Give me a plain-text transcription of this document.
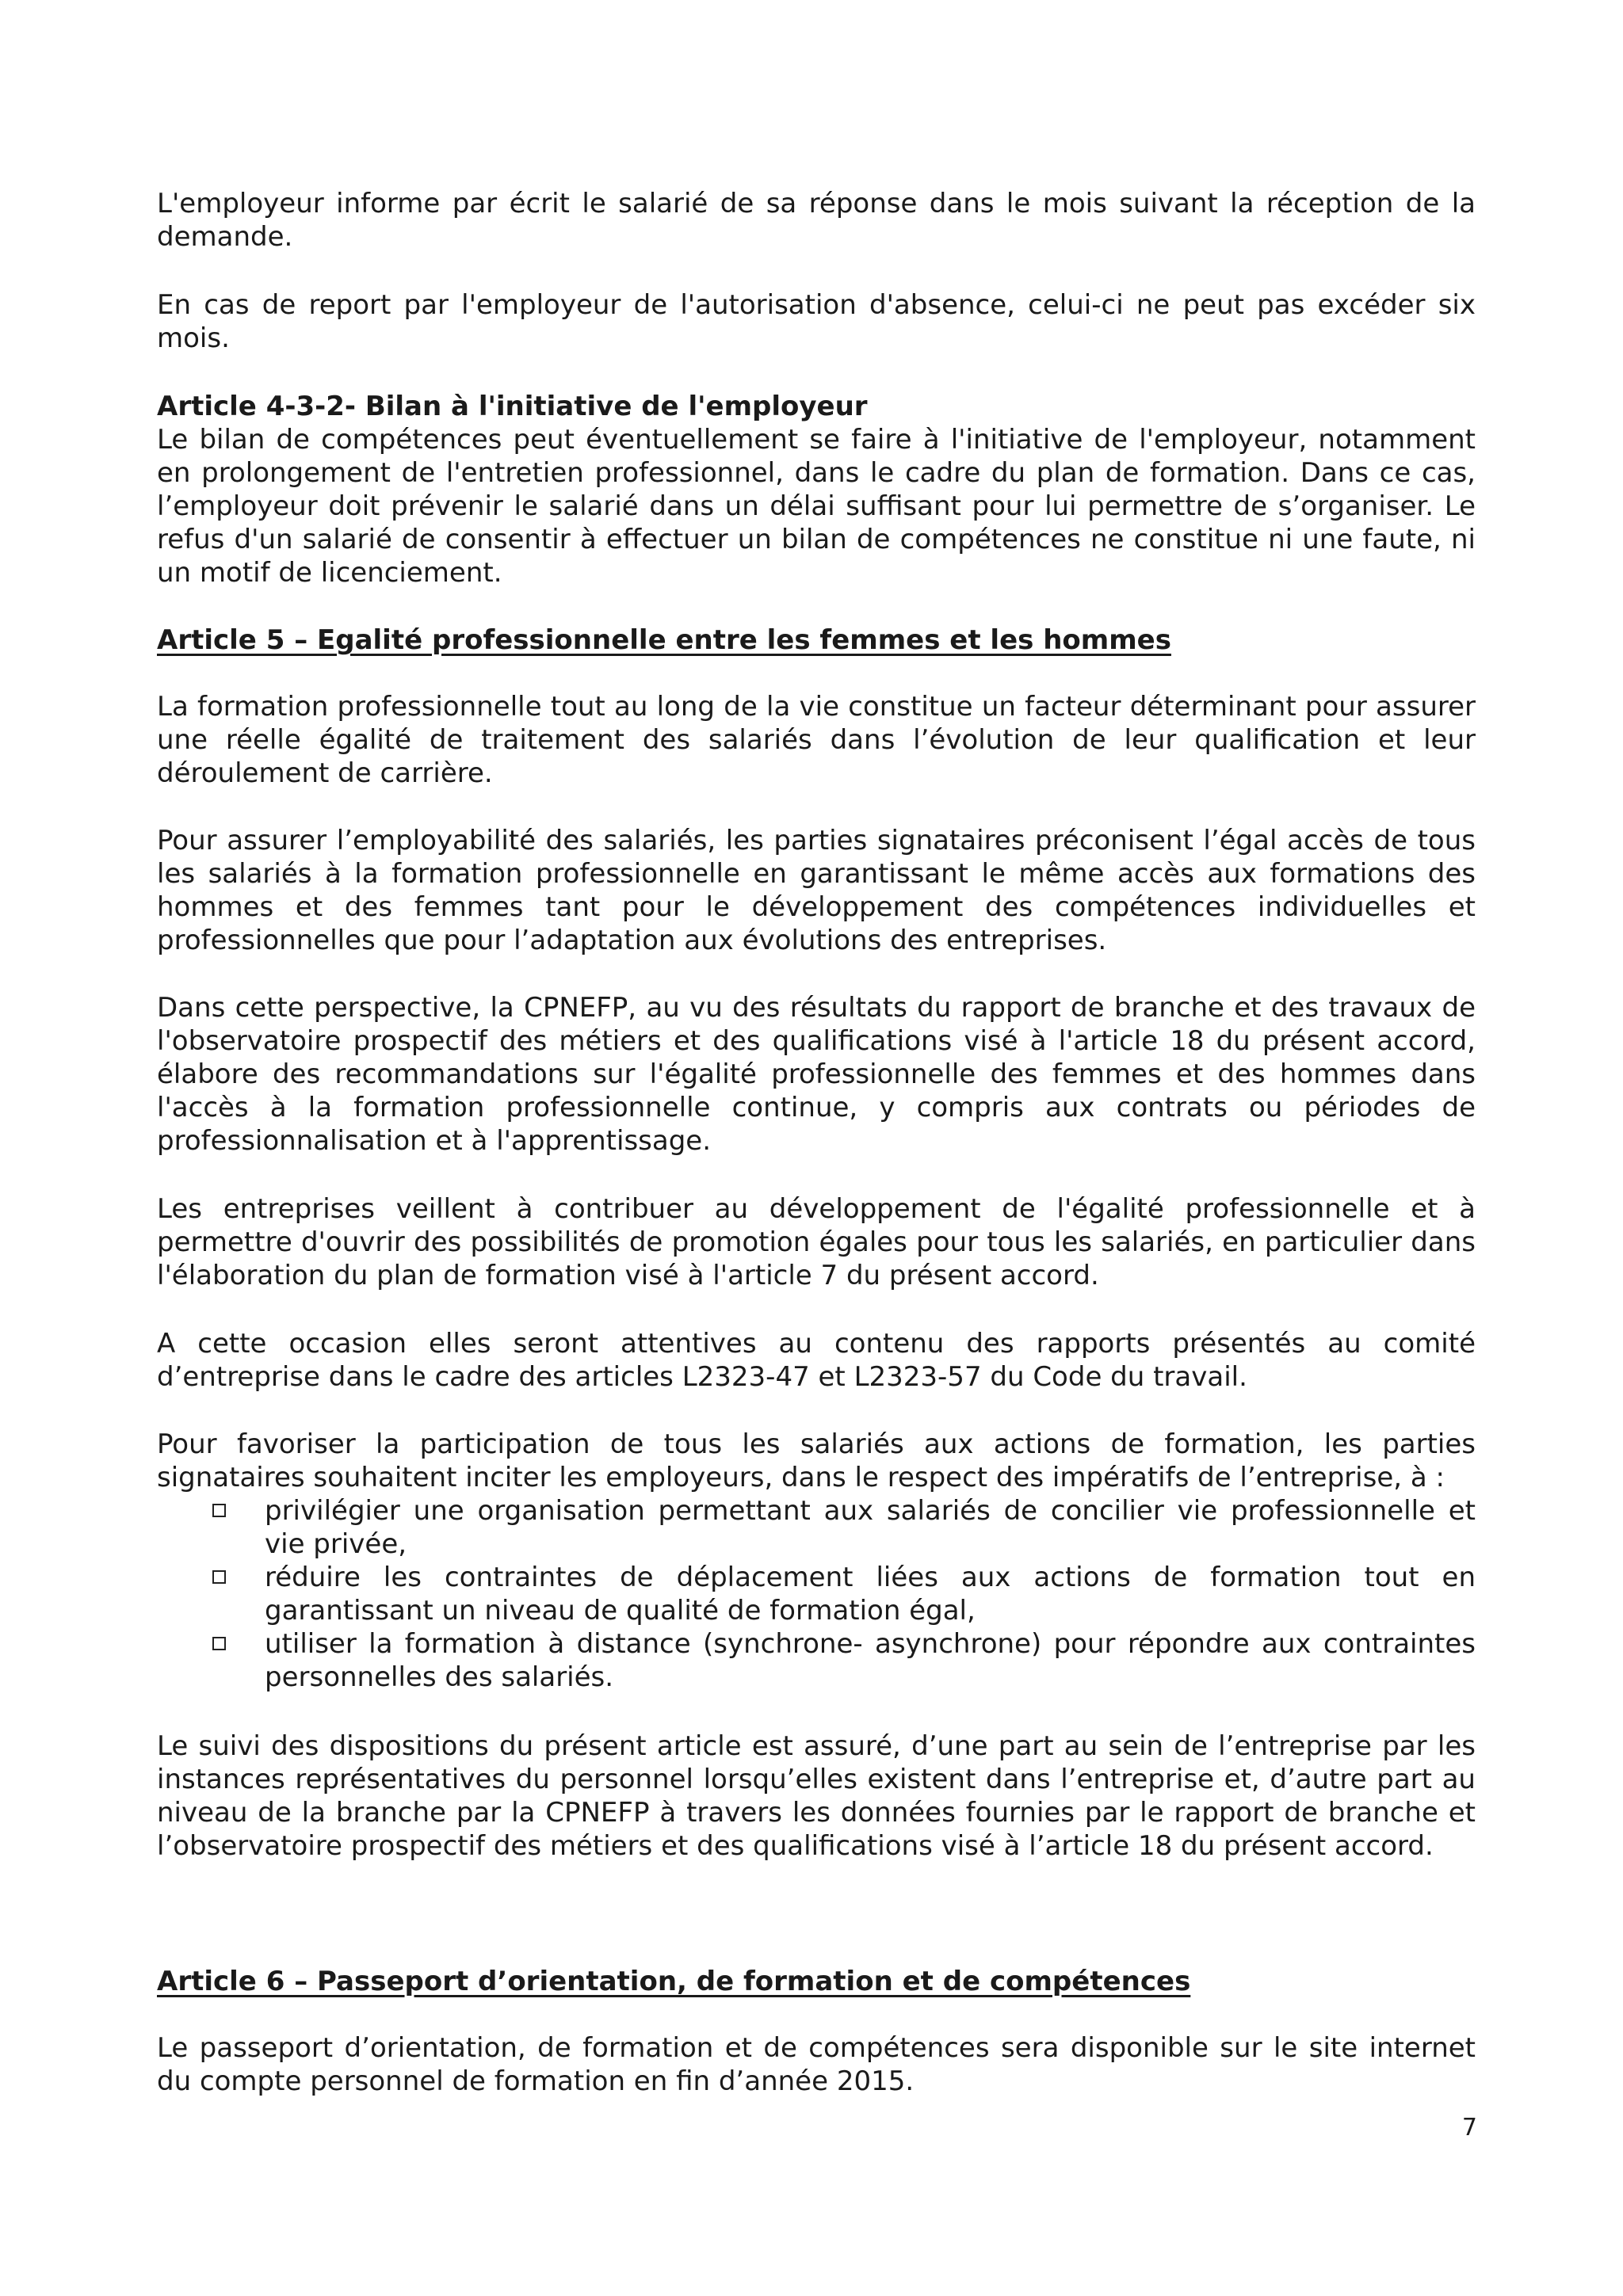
L'employeur informe par écrit le salarié de sa réponse dans le mois suivant la réception de la demande.

En cas de report par l'employeur de l'autorisation d'absence, celui-ci ne peut pas excéder six mois.

Article 4-3-2- Bilan à l'initiative de l'employeur

Le bilan de compétences peut éventuellement se faire à l'initiative de l'employeur, notamment en prolongement de l'entretien professionnel, dans le cadre du plan de formation. Dans ce cas, l’employeur doit prévenir le salarié dans un délai suffisant pour lui permettre de s’organiser. Le refus d'un salarié de consentir à effectuer un bilan de compétences ne constitue ni une faute, ni un motif de licenciement.

Article 5 – Egalité professionnelle entre les femmes et les hommes

La formation professionnelle tout au long de la vie constitue un facteur déterminant pour assurer une réelle égalité de traitement des salariés dans l’évolution de leur qualification et leur déroulement de carrière.

Pour assurer l’employabilité des salariés, les parties signataires préconisent l’égal accès de tous les salariés à la formation professionnelle en garantissant le même accès aux formations des hommes et des femmes tant pour le développement des compétences individuelles et professionnelles que pour l’adaptation aux évolutions des entreprises.

Dans cette perspective, la CPNEFP, au vu des résultats du rapport de branche et des travaux de l'observatoire prospectif des métiers et des qualifications visé à l'article 18 du présent accord, élabore des recommandations sur l'égalité professionnelle des femmes et des hommes dans l'accès à la formation professionnelle continue, y compris aux contrats ou périodes de professionnalisation et à l'apprentissage.

Les entreprises veillent à contribuer au développement de l'égalité professionnelle et à permettre d'ouvrir des possibilités de promotion égales pour tous les salariés, en particulier dans l'élaboration du plan de formation visé à l'article 7 du présent accord.

A cette occasion elles seront attentives au contenu des rapports présentés au comité d’entreprise dans le cadre des articles L2323-47 et L2323-57 du Code du travail.

Pour favoriser la participation de tous les salariés aux actions de formation, les parties signataires souhaitent inciter les employeurs, dans le respect des impératifs de l’entreprise, à :

privilégier une organisation permettant aux salariés de concilier vie professionnelle et vie privée,
réduire les contraintes de déplacement liées aux actions de formation tout en garantissant un niveau de qualité de formation égal,
utiliser la formation à distance (synchrone- asynchrone) pour répondre aux contraintes personnelles des salariés.

Le suivi des dispositions du présent article est assuré, d’une part au sein de l’entreprise par les instances représentatives du personnel lorsqu’elles existent dans l’entreprise et, d’autre part au niveau de la branche par la CPNEFP à travers les données fournies par le rapport de branche et l’observatoire prospectif des métiers et des qualifications visé à l’article 18 du présent accord.

Article 6 – Passeport d’orientation, de formation et de compétences

Le passeport d’orientation, de formation et de compétences sera disponible sur le site internet du compte personnel de formation en fin d’année 2015.

7
